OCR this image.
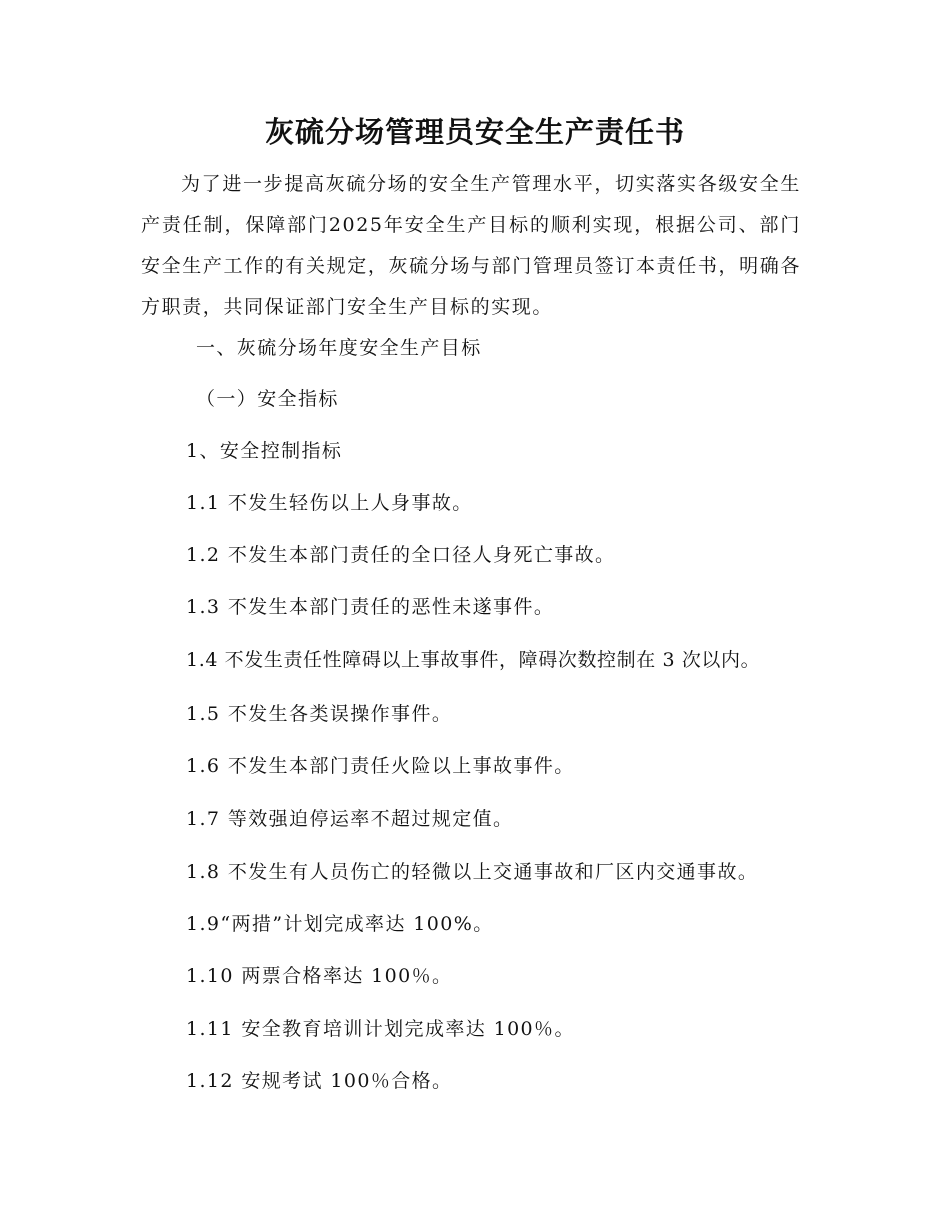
灰硫分场管理员安全生产责任书

为了进一步提高灰硫分场的安全生产管理水平，切实落实各级安全生产责任制，保障部门2025年安全生产目标的顺利实现，根据公司、部门安全生产工作的有关规定，灰硫分场与部门管理员签订本责任书，明确各方职责，共同保证部门安全生产目标的实现。

一、灰硫分场年度安全生产目标

（一）安全指标

1、安全控制指标

1.1 不发生轻伤以上人身事故。

1.2 不发生本部门责任的全口径人身死亡事故。

1.3 不发生本部门责任的恶性未遂事件。

1.4 不发生责任性障碍以上事故事件，障碍次数控制在 3 次以内。

1.5 不发生各类误操作事件。

1.6 不发生本部门责任火险以上事故事件。

1.7 等效强迫停运率不超过规定值。

1.8 不发生有人员伤亡的轻微以上交通事故和厂区内交通事故。

1.9“两措”计划完成率达 100%。

1.10 两票合格率达 100％。

1.11 安全教育培训计划完成率达 100％。

1.12 安规考试 100％合格。
